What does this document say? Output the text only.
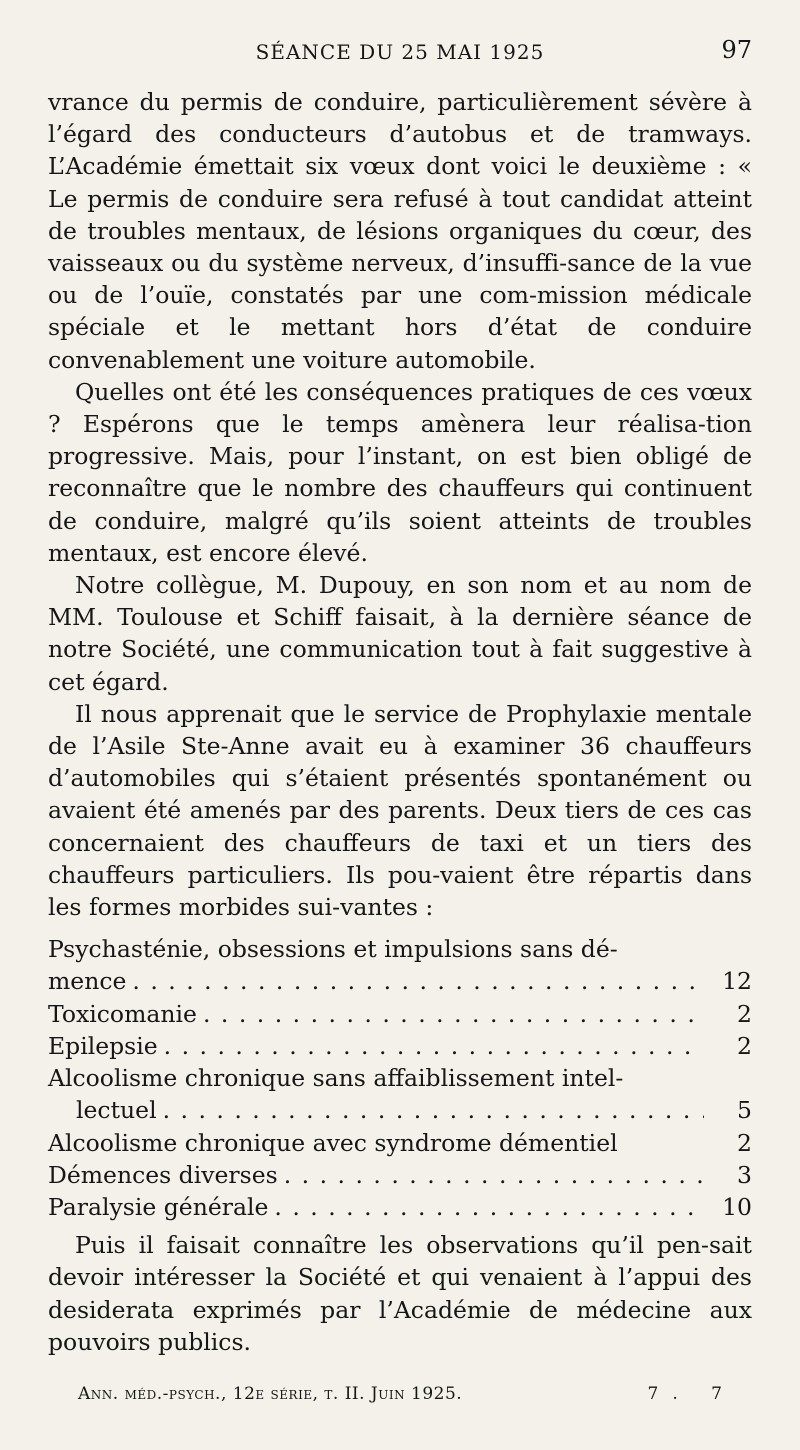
SÉANCE DU 25 MAI 1925	97

vrance du permis de conduire, particulièrement sévère à l’égard des conducteurs d’autobus et de tramways. L’Académie émettait six vœux dont voici le deuxième : « Le permis de conduire sera refusé à tout candidat atteint de troubles mentaux, de lésions organiques du cœur, des vaisseaux ou du système nerveux, d’insuffi-sance de la vue ou de l’ouïe, constatés par une com-mission médicale spéciale et le mettant hors d’état de conduire convenablement une voiture automobile.

Quelles ont été les conséquences pratiques de ces vœux ? Espérons que le temps amènera leur réalisa-tion progressive. Mais, pour l’instant, on est bien obligé de reconnaître que le nombre des chauffeurs qui continuent de conduire, malgré qu’ils soient atteints de troubles mentaux, est encore élevé.

Notre collègue, M. Dupouy, en son nom et au nom de MM. Toulouse et Schiff faisait, à la dernière séance de notre Société, une communication tout à fait suggestive à cet égard.

Il nous apprenait que le service de Prophylaxie mentale de l’Asile Ste-Anne avait eu à examiner 36 chauffeurs d’automobiles qui s’étaient présentés spontanément ou avaient été amenés par des parents. Deux tiers de ces cas concernaient des chauffeurs de taxi et un tiers des chauffeurs particuliers. Ils pou-vaient être répartis dans les formes morbides sui-vantes :

Psychasténie, obsessions et impulsions sans dé-
mence . . .	12
Toxicomanie . . .	2
Epilepsie . . .	2
Alcoolisme chronique sans affaiblissement intel-
lectuel . . .	5
Alcoolisme chronique avec syndrome démentiel	2
Démences diverses . . .	3
Paralysie générale . . .	10

Puis il faisait connaître les observations qu’il pen-sait devoir intéresser la Société et qui venaient à l’appui des desiderata exprimés par l’Académie de médecine aux pouvoirs publics.

Ann. méd.-psych., 12e série, t. II. Juin 1925.	7. 7
